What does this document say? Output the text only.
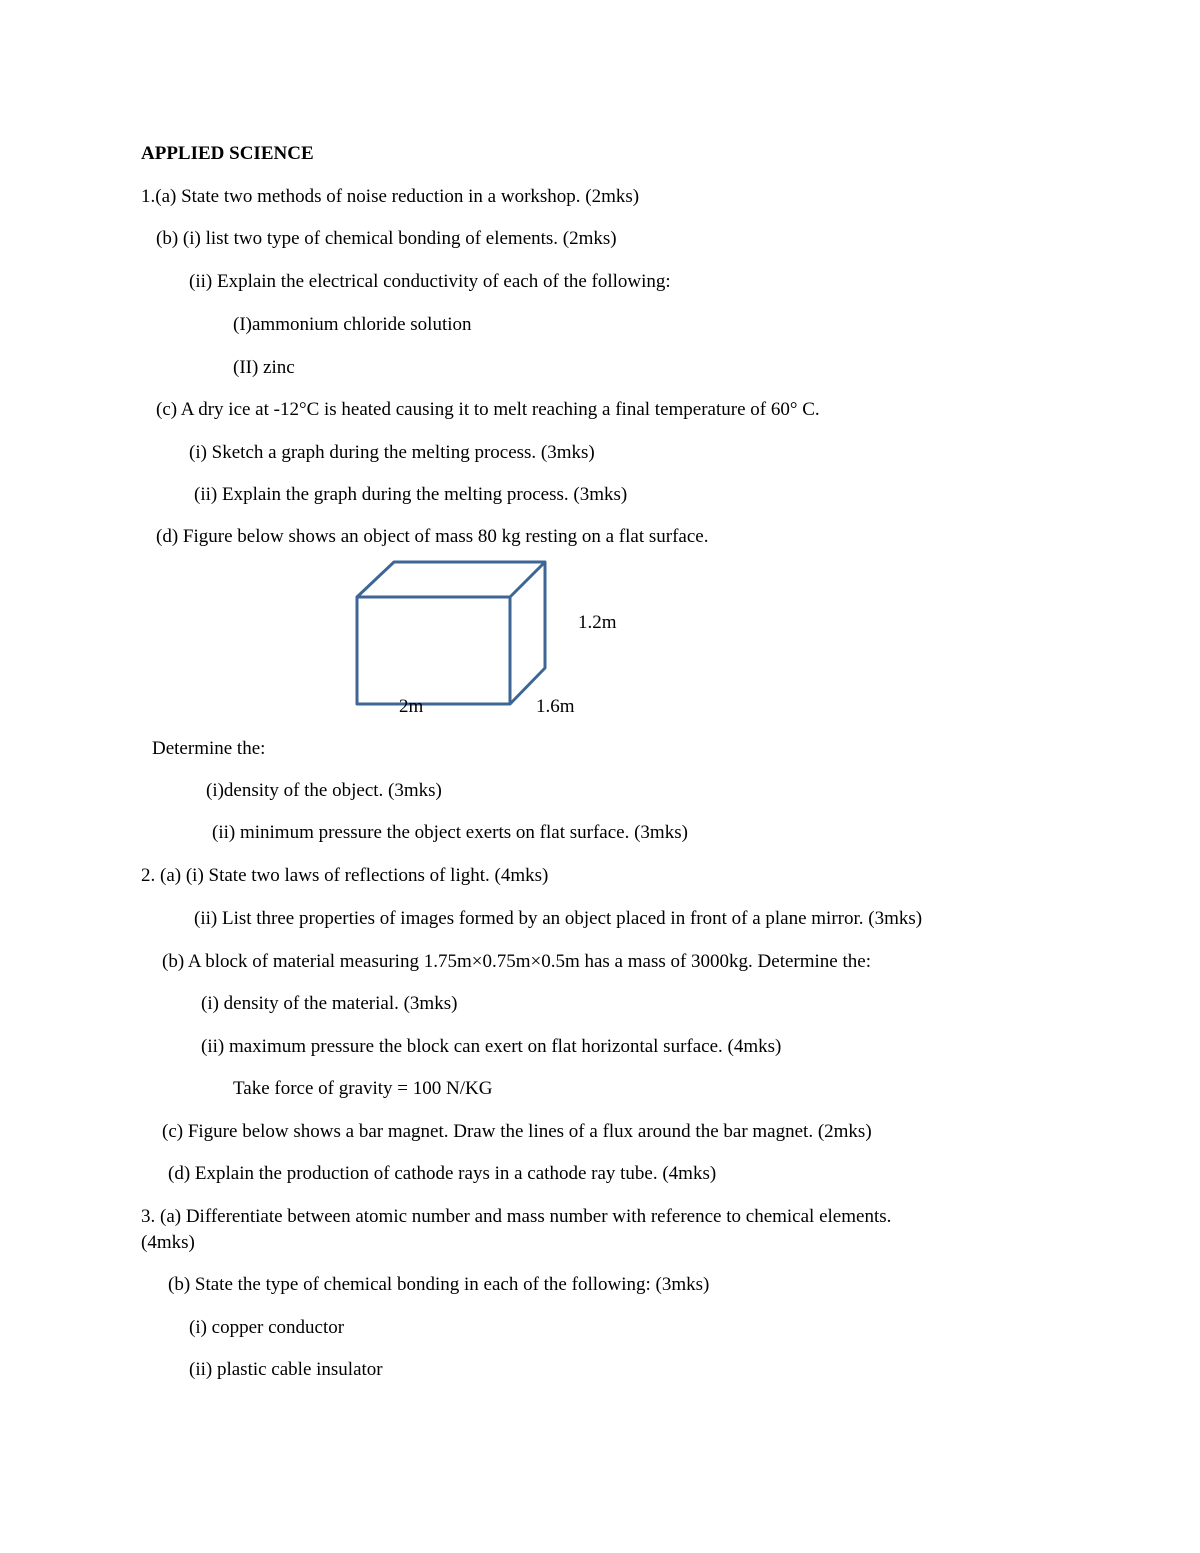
APPLIED SCIENCE
1.(a) State two methods of noise reduction in a workshop. (2mks)
(b) (i) list two type of chemical bonding of elements. (2mks)
(ii) Explain the electrical conductivity of each of the following:
(I)ammonium chloride solution
(II) zinc
(c) A dry ice at -12°C is heated causing it to melt reaching a final temperature of 60° C.
(i) Sketch a graph during the melting process. (3mks)
(ii) Explain the graph during the melting process. (3mks)
(d) Figure below shows an object of mass 80 kg resting on a flat surface.
1.2m
2m	1.6m
Determine the:
(i)density of the object. (3mks)
(ii) minimum pressure the object exerts on flat surface. (3mks)
2. (a) (i) State two laws of reflections of light. (4mks)
(ii) List three properties of images formed by an object placed in front of a plane mirror. (3mks)
(b) A block of material measuring 1.75m×0.75m×0.5m has a mass of 3000kg. Determine the:
(i) density of the material. (3mks)
(ii) maximum pressure the block can exert on flat horizontal surface. (4mks)
Take force of gravity = 100 N/KG
(c) Figure below shows a bar magnet. Draw the lines of a flux around the bar magnet. (2mks)
(d) Explain the production of cathode rays in a cathode ray tube. (4mks)
3. (a) Differentiate between atomic number and mass number with reference to chemical elements.
(4mks)
(b) State the type of chemical bonding in each of the following: (3mks)
(i) copper conductor
(ii) plastic cable insulator
